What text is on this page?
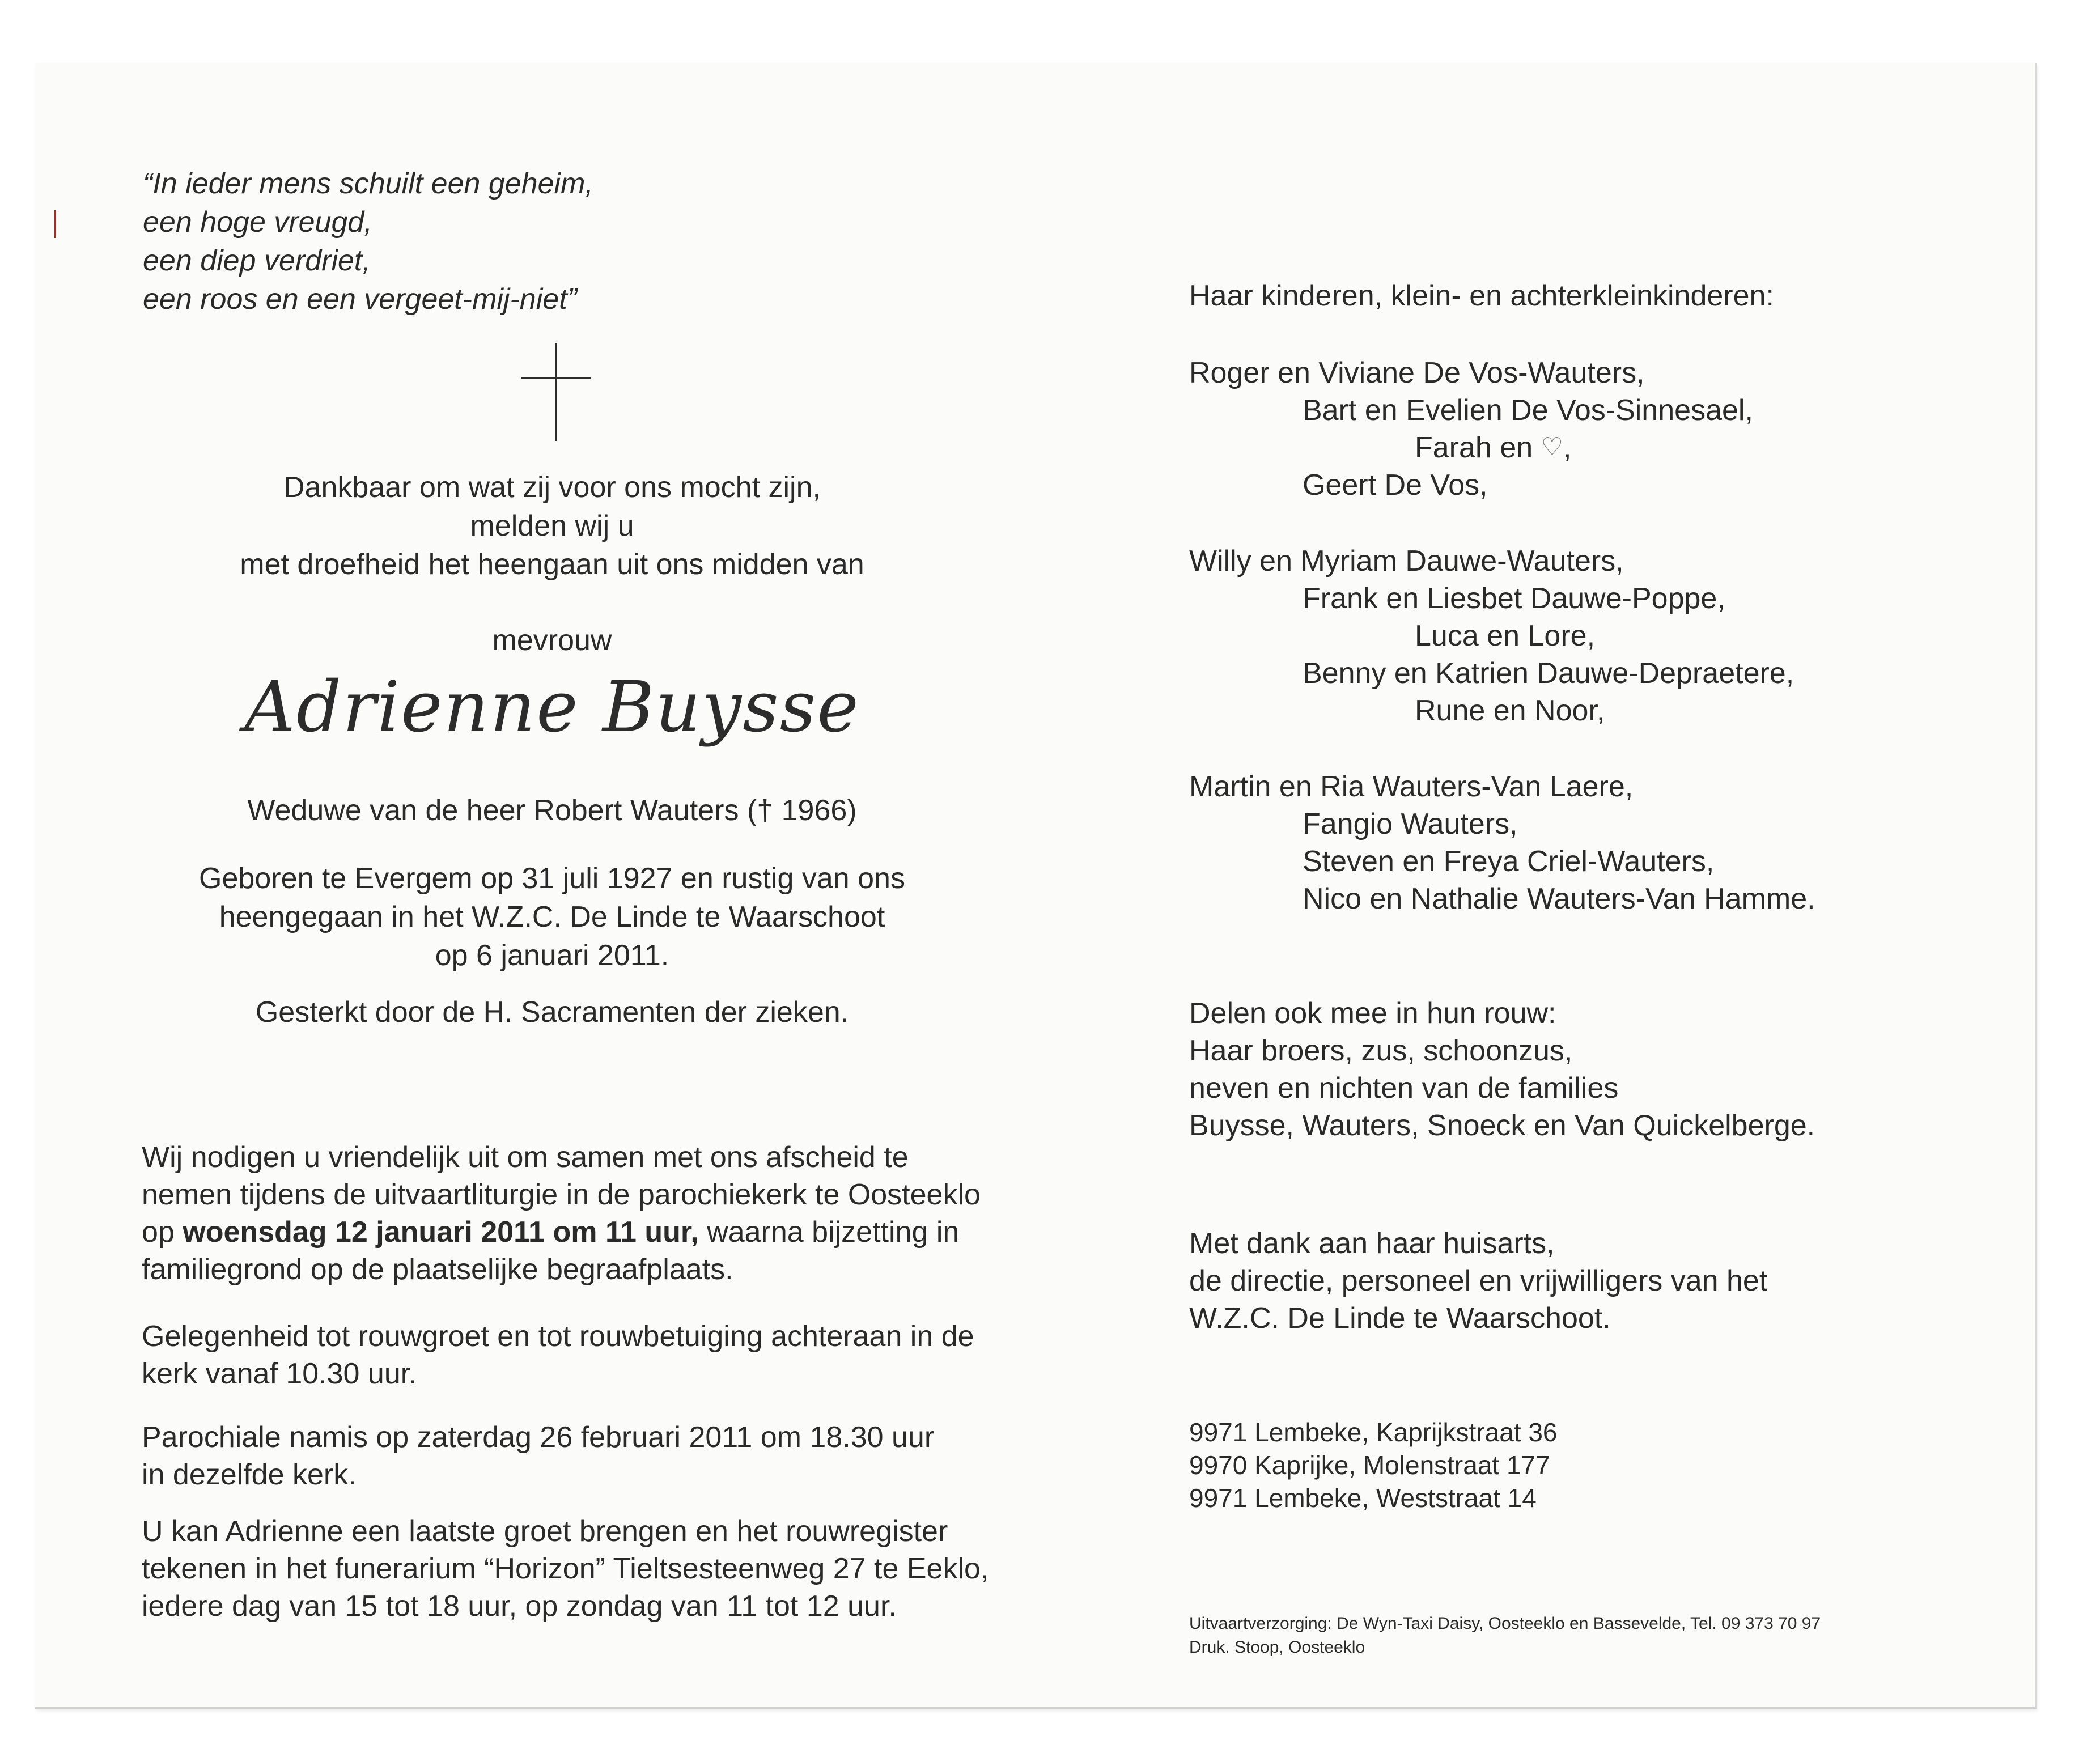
“In ieder mens schuilt een geheim,
een hoge vreugd,
een diep verdriet,
een roos en een vergeet-mij-niet”
Dankbaar om wat zij voor ons mocht zijn,
melden wij u
met droefheid het heengaan uit ons midden van
mevrouw
Adrienne Buysse
Weduwe van de heer Robert Wauters († 1966)
Geboren te Evergem op 31 juli 1927 en rustig van ons
heengegaan in het W.Z.C. De Linde te Waarschoot
op 6 januari 2011.
Gesterkt door de H. Sacramenten der zieken.
Wij nodigen u vriendelijk uit om samen met ons afscheid te
nemen tijdens de uitvaartliturgie in de parochiekerk te Oosteeklo
op woensdag 12 januari 2011 om 11 uur, waarna bijzetting in
familiegrond op de plaatselijke begraafplaats.
Gelegenheid tot rouwgroet en tot rouwbetuiging achteraan in de
kerk vanaf 10.30 uur.
Parochiale namis op zaterdag 26 februari 2011 om 18.30 uur
in dezelfde kerk.
U kan Adrienne een laatste groet brengen en het rouwregister
tekenen in het funerarium “Horizon” Tieltsesteenweg 27 te Eeklo,
iedere dag van 15 tot 18 uur, op zondag van 11 tot 12 uur.
Haar kinderen, klein- en achterkleinkinderen:
Roger en Viviane De Vos-Wauters,
Bart en Evelien De Vos-Sinnesael,
Farah en ♡,
Geert De Vos,
Willy en Myriam Dauwe-Wauters,
Frank en Liesbet Dauwe-Poppe,
Luca en Lore,
Benny en Katrien Dauwe-Depraetere,
Rune en Noor,
Martin en Ria Wauters-Van Laere,
Fangio Wauters,
Steven en Freya Criel-Wauters,
Nico en Nathalie Wauters-Van Hamme.
Delen ook mee in hun rouw:
Haar broers, zus, schoonzus,
neven en nichten van de families
Buysse, Wauters, Snoeck en Van Quickelberge.
Met dank aan haar huisarts,
de directie, personeel en vrijwilligers van het
W.Z.C. De Linde te Waarschoot.
9971 Lembeke, Kaprijkstraat 36
9970 Kaprijke, Molenstraat 177
9971 Lembeke, Weststraat 14
Uitvaartverzorging: De Wyn-Taxi Daisy, Oosteeklo en Bassevelde, Tel. 09 373 70 97
Druk. Stoop, Oosteeklo
